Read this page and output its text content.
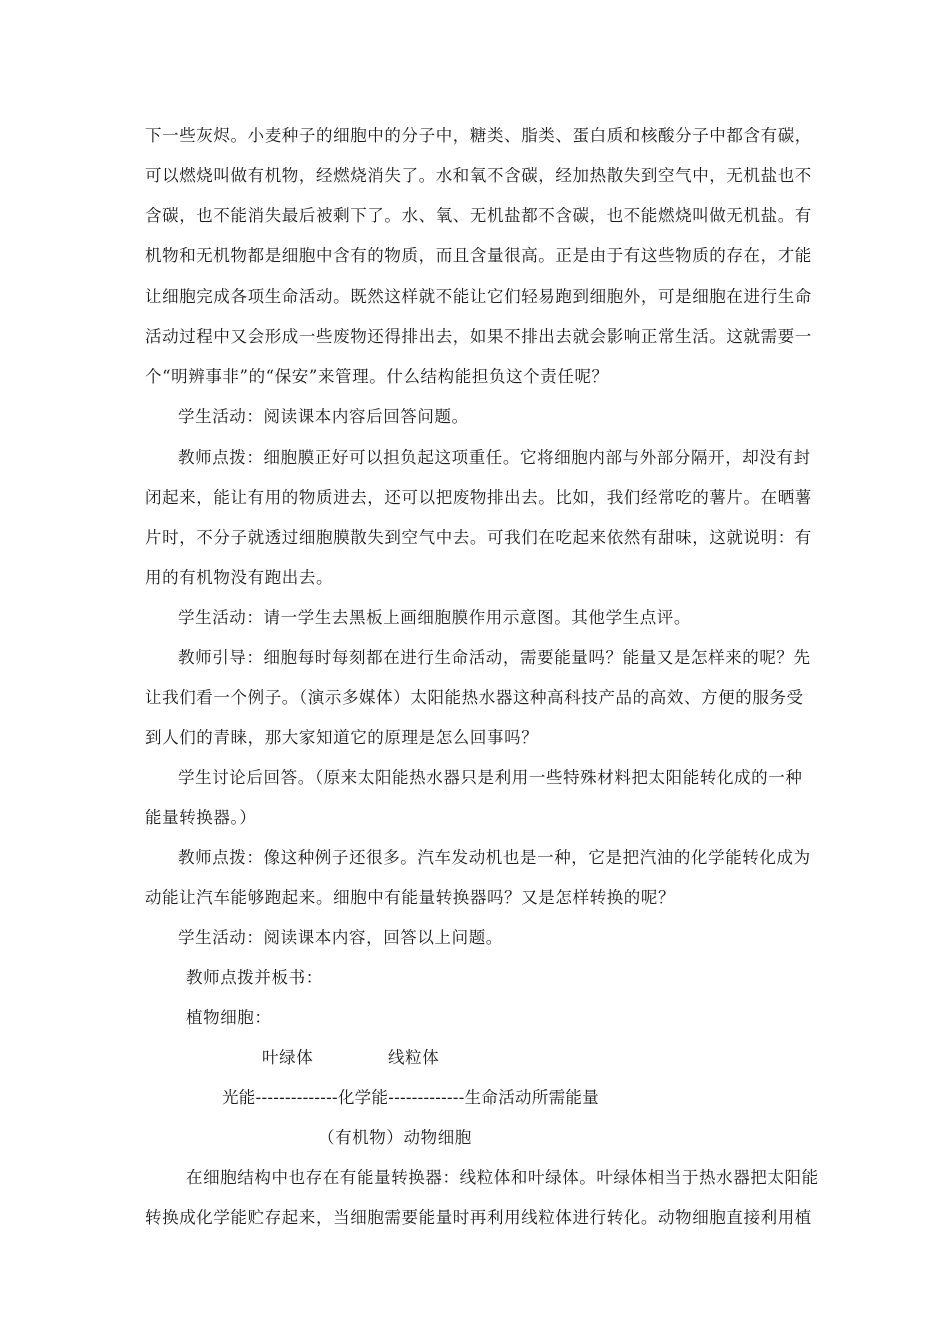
下一些灰烬。小麦种子的细胞中的分子中，糖类、脂类、蛋白质和核酸分子中都含有碳，
可以燃烧叫做有机物，经燃烧消失了。水和氧不含碳，经加热散失到空气中，无机盐也不
含碳，也不能消失最后被剩下了。水、氧、无机盐都不含碳，也不能燃烧叫做无机盐。有
机物和无机物都是细胞中含有的物质，而且含量很高。正是由于有这些物质的存在，才能
让细胞完成各项生命活动。既然这样就不能让它们轻易跑到细胞外，可是细胞在进行生命
活动过程中又会形成一些废物还得排出去，如果不排出去就会影响正常生活。这就需要一
个“明辨事非”的“保安”来管理。什么结构能担负这个责任呢？
学生活动：阅读课本内容后回答问题。
教师点拨：细胞膜正好可以担负起这项重任。它将细胞内部与外部分隔开，却没有封
闭起来，能让有用的物质进去，还可以把废物排出去。比如，我们经常吃的薯片。在晒薯
片时，不分子就透过细胞膜散失到空气中去。可我们在吃起来依然有甜味，这就说明：有
用的有机物没有跑出去。
学生活动：请一学生去黑板上画细胞膜作用示意图。其他学生点评。
教师引导：细胞每时每刻都在进行生命活动，需要能量吗？能量又是怎样来的呢？先
让我们看一个例子。（演示多媒体）太阳能热水器这种高科技产品的高效、方便的服务受
到人们的青睐，那大家知道它的原理是怎么回事吗？
学生讨论后回答。（原来太阳能热水器只是利用一些特殊材料把太阳能转化成的一种
能量转换器。）
教师点拨：像这种例子还很多。汽车发动机也是一种，它是把汽油的化学能转化成为
动能让汽车能够跑起来。细胞中有能量转换器吗？又是怎样转换的呢？
学生活动：阅读课本内容，回答以上问题。
教师点拨并板书：
植物细胞：
叶绿体	线粒体
光能--------------化学能-------------生命活动所需能量
（有机物）动物细胞
在细胞结构中也存在有能量转换器：线粒体和叶绿体。叶绿体相当于热水器把太阳能
转换成化学能贮存起来，当细胞需要能量时再利用线粒体进行转化。动物细胞直接利用植
